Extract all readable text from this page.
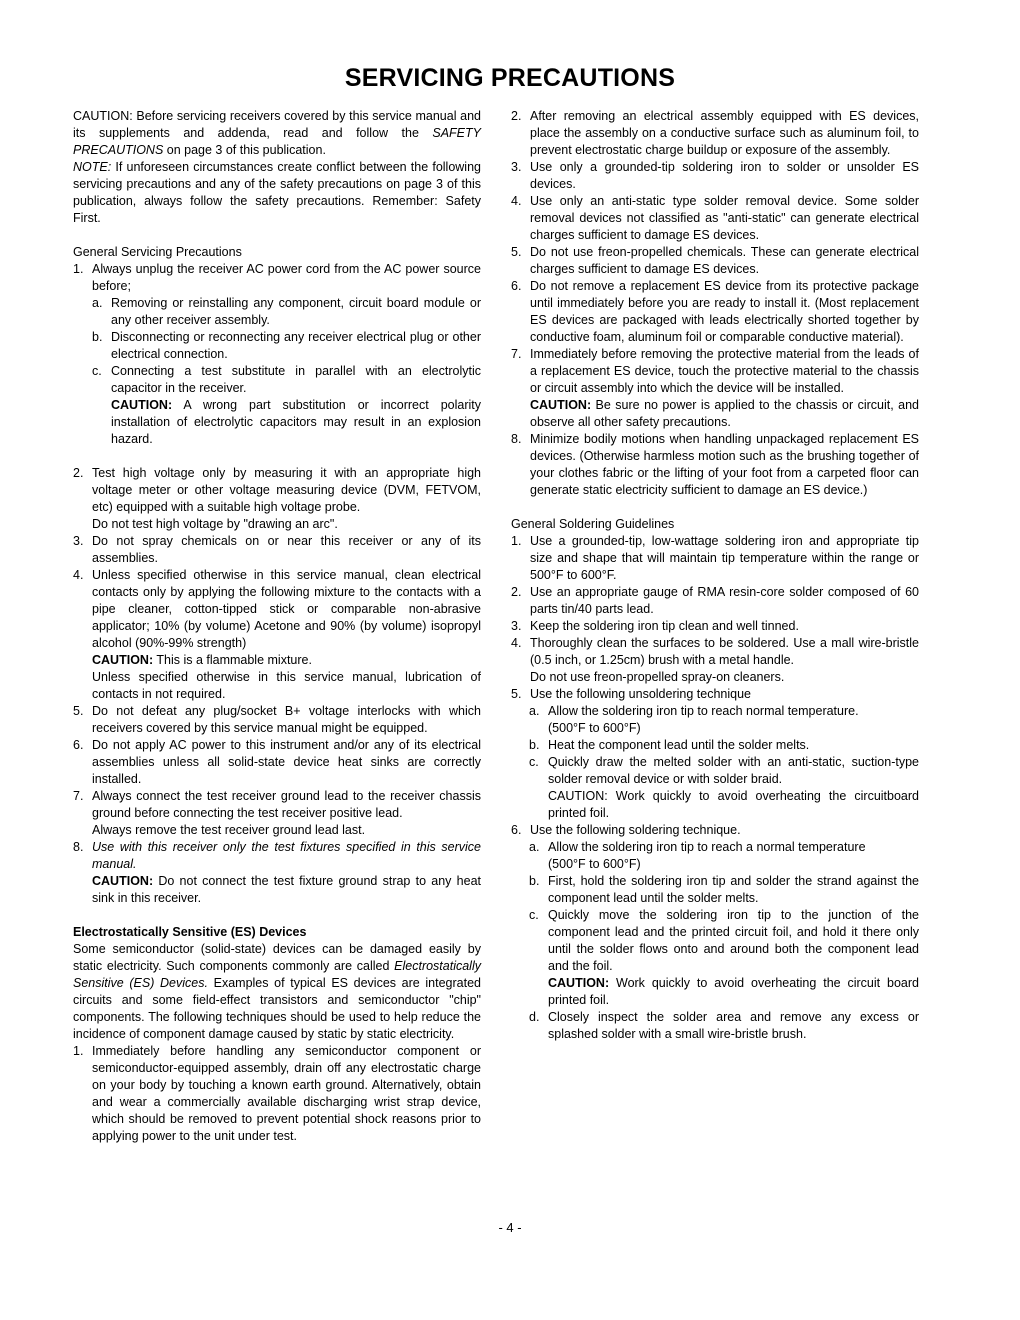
SERVICING PRECAUTIONS

CAUTION: Before servicing receivers covered by this service manual and its supplements and addenda, read and follow the SAFETY PRECAUTIONS on page 3 of this publication.

NOTE: If unforeseen circumstances create conflict between the following servicing precautions and any of the safety precautions on page 3 of this publication, always follow the safety precautions. Remember: Safety First.

General Servicing Precautions

1. Always unplug the receiver AC power cord from the AC power source before;
a. Removing or reinstalling any component, circuit board module or any other receiver assembly.
b. Disconnecting or reconnecting any receiver electrical plug or other electrical connection.
c. Connecting a test substitute in parallel with an electrolytic capacitor in the receiver.
CAUTION: A wrong part substitution or incorrect polarity installation of electrolytic capacitors may result in an explosion hazard.
2. Test high voltage only by measuring it with an appropriate high voltage meter or other voltage measuring device (DVM, FETVOM, etc) equipped with a suitable high voltage probe.
Do not test high voltage by "drawing an arc".
3. Do not spray chemicals on or near this receiver or any of its assemblies.
4. Unless specified otherwise in this service manual, clean electrical contacts only by applying the following mixture to the contacts with a pipe cleaner, cotton-tipped stick or comparable non-abrasive applicator; 10% (by volume) Acetone and 90% (by volume) isopropyl alcohol (90%-99% strength)
CAUTION: This is a flammable mixture.
Unless specified otherwise in this service manual, lubrication of contacts in not required.
5. Do not defeat any plug/socket B+ voltage interlocks with which receivers covered by this service manual might be equipped.
6. Do not apply AC power to this instrument and/or any of its electrical assemblies unless all solid-state device heat sinks are correctly installed.
7. Always connect the test receiver ground lead to the receiver chassis ground before connecting the test receiver positive lead.
Always remove the test receiver ground lead last.
8. Use with this receiver only the test fixtures specified in this service manual.
CAUTION: Do not connect the test fixture ground strap to any heat sink in this receiver.

Electrostatically Sensitive (ES) Devices

Some semiconductor (solid-state) devices can be damaged easily by static electricity. Such components commonly are called Electrostatically Sensitive (ES) Devices. Examples of typical ES devices are integrated circuits and some field-effect transistors and semiconductor "chip" components. The following techniques should be used to help reduce the incidence of component damage caused by static by static electricity.

1. Immediately before handling any semiconductor component or semiconductor-equipped assembly, drain off any electrostatic charge on your body by touching a known earth ground. Alternatively, obtain and wear a commercially available discharging wrist strap device, which should be removed to prevent potential shock reasons prior to applying power to the unit under test.
2. After removing an electrical assembly equipped with ES devices, place the assembly on a conductive surface such as aluminum foil, to prevent electrostatic charge buildup or exposure of the assembly.
3. Use only a grounded-tip soldering iron to solder or unsolder ES devices.
4. Use only an anti-static type solder removal device. Some solder removal devices not classified as "anti-static" can generate electrical charges sufficient to damage ES devices.
5. Do not use freon-propelled chemicals. These can generate electrical charges sufficient to damage ES devices.
6. Do not remove a replacement ES device from its protective package until immediately before you are ready to install it. (Most replacement ES devices are packaged with leads electrically shorted together by conductive foam, aluminum foil or comparable conductive material).
7. Immediately before removing the protective material from the leads of a replacement ES device, touch the protective material to the chassis or circuit assembly into which the device will be installed.
CAUTION: Be sure no power is applied to the chassis or circuit, and observe all other safety precautions.
8. Minimize bodily motions when handling unpackaged replacement ES devices. (Otherwise harmless motion such as the brushing together of your clothes fabric or the lifting of your foot from a carpeted floor can generate static electricity sufficient to damage an ES device.)

General Soldering Guidelines

1. Use a grounded-tip, low-wattage soldering iron and appropriate tip size and shape that will maintain tip temperature within the range or 500°F to 600°F.
2. Use an appropriate gauge of RMA resin-core solder composed of 60 parts tin/40 parts lead.
3. Keep the soldering iron tip clean and well tinned.
4. Thoroughly clean the surfaces to be soldered. Use a mall wire-bristle (0.5 inch, or 1.25cm) brush with a metal handle.
Do not use freon-propelled spray-on cleaners.
5. Use the following unsoldering technique
a. Allow the soldering iron tip to reach normal temperature.
(500°F to 600°F)
b. Heat the component lead until the solder melts.
c. Quickly draw the melted solder with an anti-static, suction-type solder removal device or with solder braid.
CAUTION: Work quickly to avoid overheating the circuitboard printed foil.
6. Use the following soldering technique.
a. Allow the soldering iron tip to reach a normal temperature
(500°F to 600°F)
b. First, hold the soldering iron tip and solder the strand against the component lead until the solder melts.
c. Quickly move the soldering iron tip to the junction of the component lead and the printed circuit foil, and hold it there only until the solder flows onto and around both the component lead and the foil.
CAUTION: Work quickly to avoid overheating the circuit board printed foil.
d. Closely inspect the solder area and remove any excess or splashed solder with a small wire-bristle brush.
- 4 -
